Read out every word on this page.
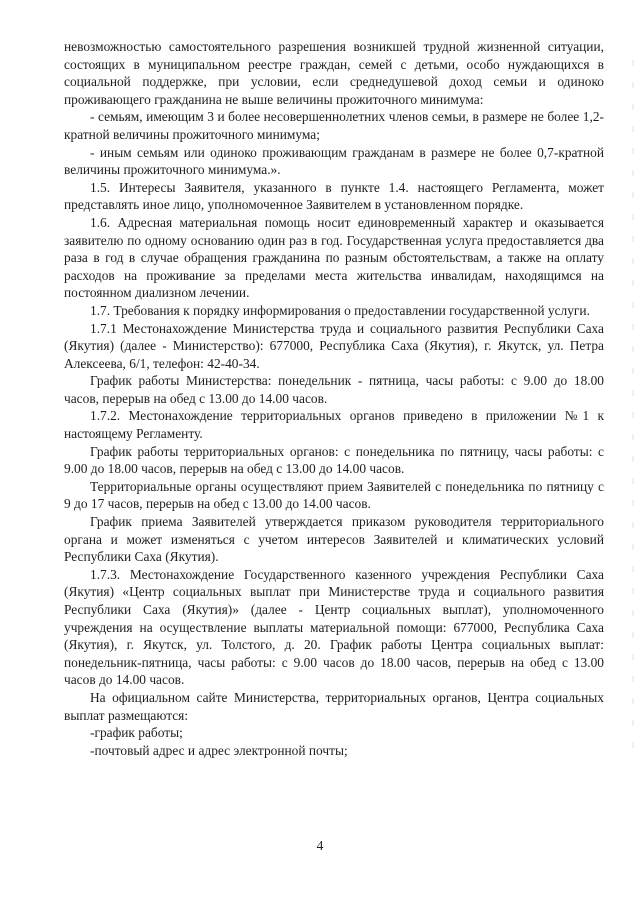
невозможностью самостоятельного разрешения возникшей трудной жизненной ситуации, состоящих в муниципальном реестре граждан, семей с детьми, особо нуждающихся в социальной поддержке, при условии, если среднедушевой доход семьи и одиноко проживающего гражданина не выше величины прожиточного минимума:

- семьям, имеющим 3 и более несовершеннолетних членов семьи, в размере не более 1,2-кратной величины прожиточного минимума;

- иным семьям или одиноко проживающим гражданам в размере не более 0,7-кратной величины прожиточного минимума.».

1.5. Интересы Заявителя, указанного в пункте 1.4. настоящего Регламента, может представлять иное лицо, уполномоченное Заявителем в установленном порядке.

1.6. Адресная материальная помощь носит единовременный характер и оказывается заявителю по одному основанию один раз в год. Государственная услуга предоставляется два раза в год в случае обращения гражданина по разным обстоятельствам, а также на оплату расходов на проживание за пределами места жительства инвалидам, находящимся на постоянном диализном лечении.

1.7. Требования к порядку информирования о предоставлении государственной услуги.

1.7.1 Местонахождение Министерства труда и социального развития Республики Саха (Якутия) (далее - Министерство): 677000, Республика Саха (Якутия), г. Якутск, ул. Петра Алексеева, 6/1, телефон: 42-40-34.

График работы Министерства: понедельник - пятница, часы работы: с 9.00 до 18.00 часов, перерыв на обед с 13.00 до 14.00 часов.

1.7.2. Местонахождение территориальных органов приведено в приложении №1 к настоящему Регламенту.

График работы территориальных органов: с понедельника по пятницу, часы работы: с 9.00 до 18.00 часов, перерыв на обед с 13.00 до 14.00 часов.

Территориальные органы осуществляют прием Заявителей с понедельника по пятницу с 9 до 17 часов, перерыв на обед с 13.00 до 14.00 часов.

График приема Заявителей утверждается приказом руководителя территориального органа и может изменяться с учетом интересов Заявителей и климатических условий Республики Саха (Якутия).

1.7.3. Местонахождение Государственного казенного учреждения Республики Саха (Якутия) «Центр социальных выплат при Министерстве труда и социального развития Республики Саха (Якутия)» (далее - Центр социальных выплат), уполномоченного учреждения на осуществление выплаты материальной помощи: 677000, Республика Саха (Якутия), г. Якутск, ул. Толстого, д. 20. График работы Центра социальных выплат: понедельник-пятница, часы работы: с 9.00 часов до 18.00 часов, перерыв на обед с 13.00 часов до 14.00 часов.

На официальном сайте Министерства, территориальных органов, Центра социальных выплат размещаются:

-график работы;

-почтовый адрес и адрес электронной почты;

4
